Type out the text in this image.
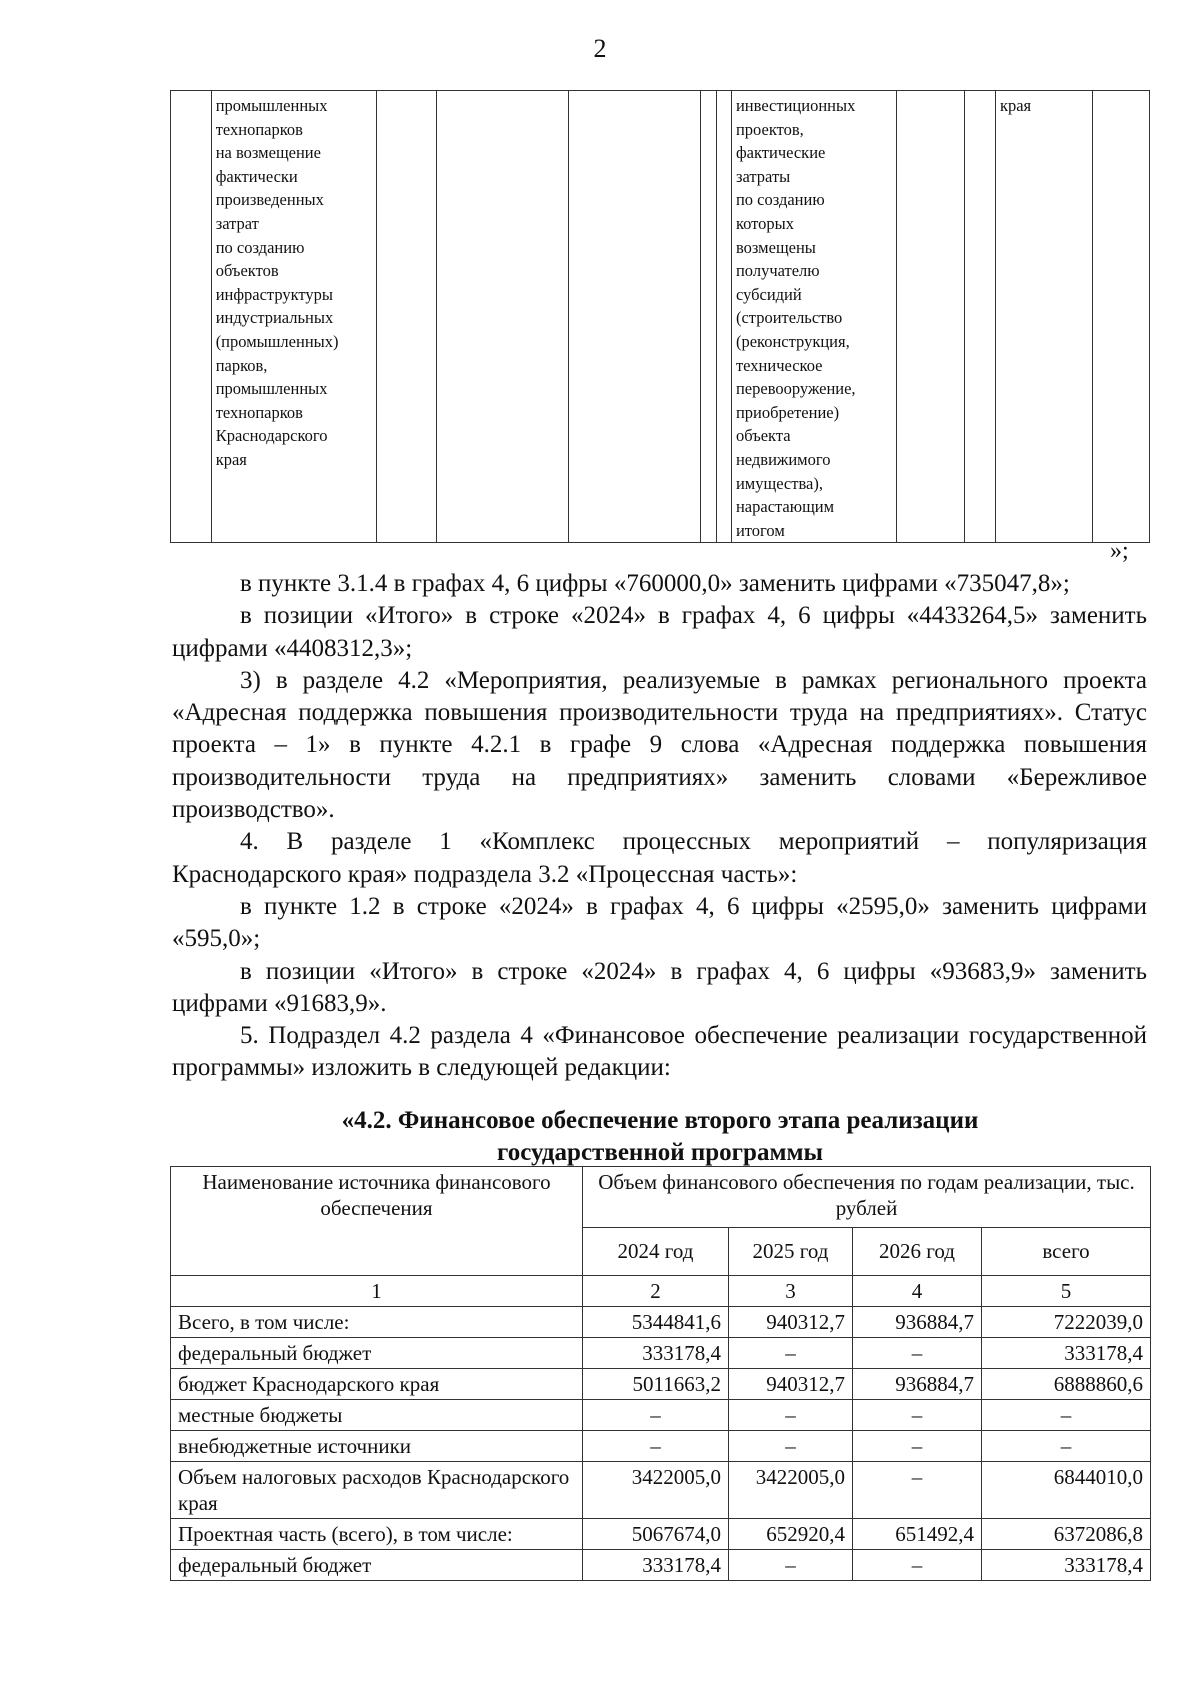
2
	промышленных
технопарков
на возмещение
фактически
произведенных
затрат
по созданию
объектов
инфраструктуры
индустриальных
(промышленных)
парков,
промышленных
технопарков
Краснодарского
края						инвестиционных
проектов,
фактические
затраты
по созданию
которых
возмещены
получателю
субсидий
(строительство
(реконструкция,
техническое
перевооружение,
приобретение)
объекта
недвижимого
имущества),
нарастающим
итогом			края	
»;

в пункте 3.1.4 в графах 4, 6 цифры «760000,0» заменить цифрами «735047,8»;

в позиции «Итого» в строке «2024» в графах 4, 6 цифры «4433264,5» заменить цифрами «4408312,3»;

3) в разделе 4.2 «Мероприятия, реализуемые в рамках регионального проекта «Адресная поддержка повышения производительности труда на предприятиях». Статус проекта – 1» в пункте 4.2.1 в графе 9 слова «Адресная поддержка повышения производительности труда на предприятиях» заменить словами «Бережливое производство».

4. В разделе 1 «Комплекс процессных мероприятий – популяризация Краснодарского края» подраздела 3.2 «Процессная часть»:

в пункте 1.2 в строке «2024» в графах 4, 6 цифры «2595,0» заменить цифрами «595,0»;

в позиции «Итого» в строке «2024» в графах 4, 6 цифры «93683,9» заменить цифрами «91683,9».

5. Подраздел 4.2 раздела 4 «Финансовое обеспечение реализации государственной программы» изложить в следующей редакции:

«4.2. Финансовое обеспечение второго этапа реализации
государственной программы
Наименование источника финансового обеспечения	Объем финансового обеспечения по годам реализации, тыс. рублей			
	2024 год	2025 год	2026 год	всего
1	2	3	4	5
Всего, в том числе:	5344841,6	940312,7	936884,7	7222039,0
федеральный бюджет	333178,4	–	–	333178,4
бюджет Краснодарского края	5011663,2	940312,7	936884,7	6888860,6
местные бюджеты	–	–	–	–
внебюджетные источники	–	–	–	–
Объем налоговых расходов Краснодарского края	3422005,0	3422005,0	–	6844010,0
Проектная часть (всего), в том числе:	5067674,0	652920,4	651492,4	6372086,8
федеральный бюджет	333178,4	–	–	333178,4
